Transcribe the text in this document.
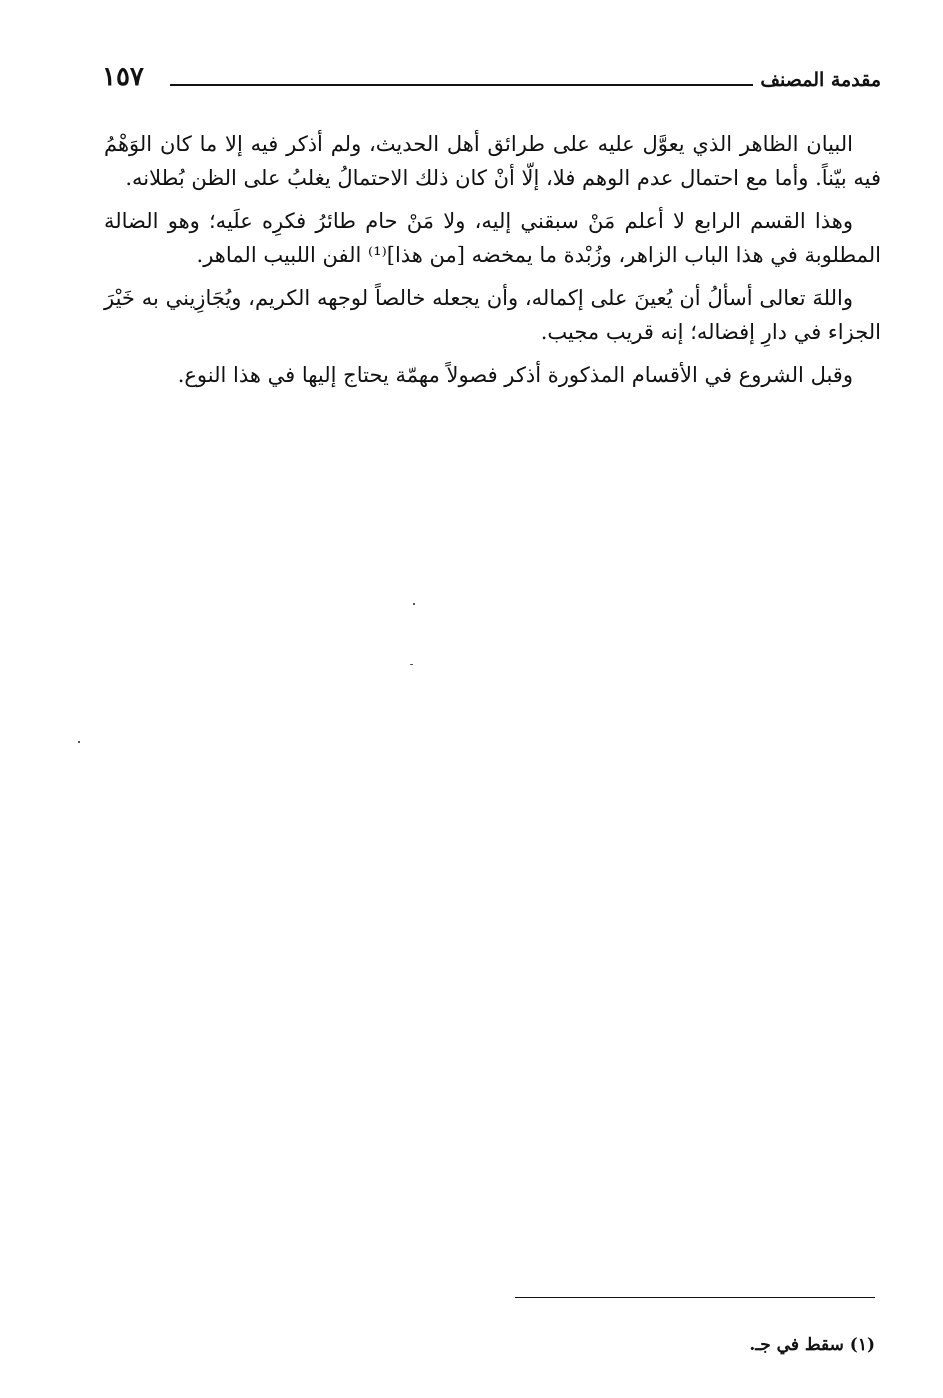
١٥٧	مقدمة المصنف

البيان الظاهر الذي يعوَّل عليه على طرائق أهل الحديث، ولم أذكر فيه إلا ما كان الوَهْمُ فيه بيّناً. وأما مع احتمال عدم الوهم فلا، إلّا أنْ كان ذلك الاحتمالُ يغلبُ على الظن بُطلانه.

وهذا القسم الرابع لا أعلم مَنْ سبقني إليه، ولا مَنْ حام طائرُ فكرِه علَيه؛ وهو الضالة المطلوبة في هذا الباب الزاهر، وزُبْدة ما يمخضه [من هذا]⁽¹⁾ الفن اللبيب الماهر.

واللهَ تعالى أسألُ أن يُعينَ على إكماله، وأن يجعله خالصاً لوجهه الكريم، ويُجَازِيني به خَيْرَ الجزاء في دارِ إفضاله؛ إنه قريب مجيب.

وقبل الشروع في الأقسام المذكورة أذكر فصولاً مهمّة يحتاج إليها في هذا النوع.

(١) سقط في جـ.
